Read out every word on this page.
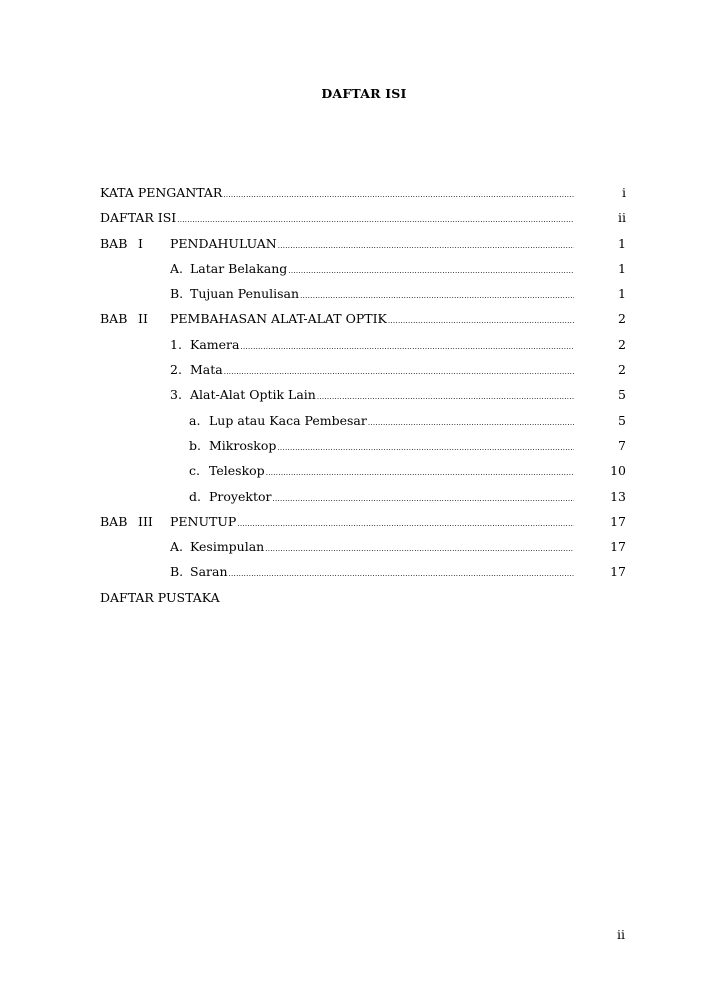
DAFTAR ISI
KATA PENGANTAR .....	i
DAFTAR ISI .....	ii
BAB I PENDAHULUAN .....	1
A. Latar Belakang .....	1
B. Tujuan Penulisan .....	1
BAB II PEMBAHASAN ALAT-ALAT OPTIK .....	2
1. Kamera .....	2
2. Mata .....	2
3. Alat-Alat Optik Lain .....	5
a. Lup atau Kaca Pembesar .....	5
b. Mikroskop .....	7
c. Teleskop .....	10
d. Proyektor .....	13
BAB III PENUTUP .....	17
A. Kesimpulan .....	17
B. Saran .....	17
DAFTAR PUSTAKA
ii
